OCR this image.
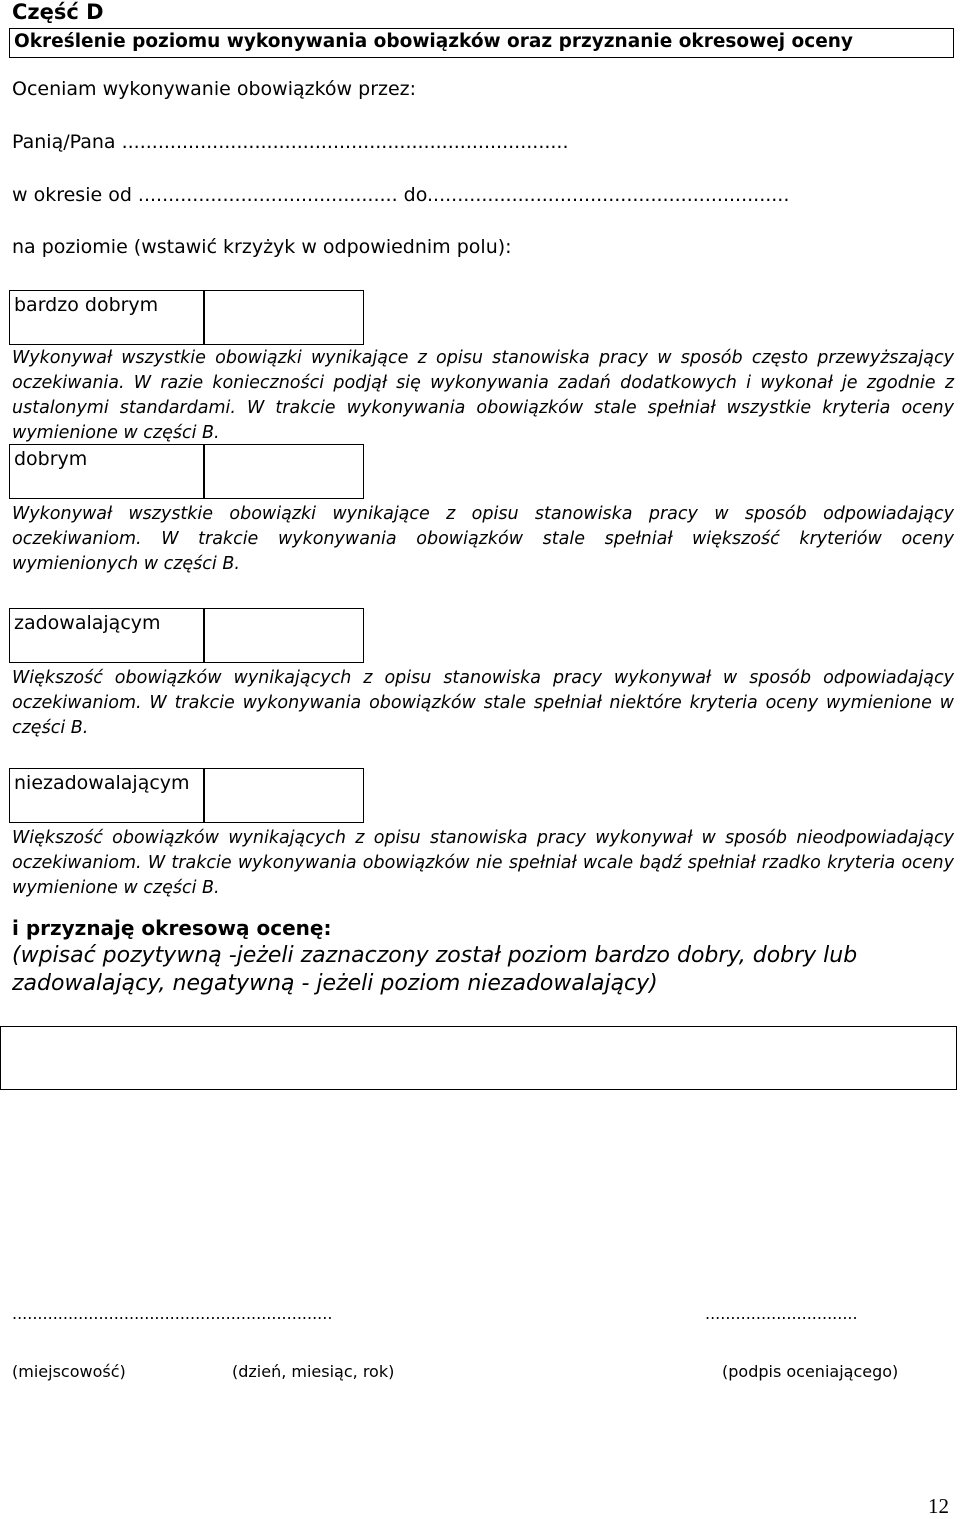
Część D
Określenie poziomu wykonywania obowiązków oraz przyznanie okresowej oceny
Oceniam wykonywanie obowiązków przez:
Panią/Pana ..........................................................................
w okresie od ........................................... do............................................................
na poziomie (wstawić krzyżyk w odpowiednim polu):
bardzo dobrym
Wykonywał wszystkie obowiązki wynikające z opisu stanowiska pracy w sposób często przewyższający oczekiwania. W razie konieczności podjął się wykonywania zadań dodatkowych i wykonał je zgodnie z ustalonymi standardami. W trakcie wykonywania obowiązków stale spełniał wszystkie kryteria oceny wymienione w części B.
dobrym
Wykonywał wszystkie obowiązki wynikające z opisu stanowiska pracy w sposób odpowiadający oczekiwaniom. W trakcie wykonywania obowiązków stale spełniał większość kryteriów oceny wymienionych w części B.
zadowalającym
Większość obowiązków wynikających z opisu stanowiska pracy wykonywał w sposób odpowiadający oczekiwaniom. W trakcie wykonywania obowiązków stale spełniał niektóre kryteria oceny wymienione w części B.
niezadowalającym
Większość obowiązków wynikających z opisu stanowiska pracy wykonywał w sposób nieodpowiadający oczekiwaniom. W trakcie wykonywania obowiązków nie spełniał wcale bądź spełniał rzadko kryteria oceny wymienione w części B.
i przyznaję okresową ocenę:
(wpisać pozytywną -jeżeli zaznaczony został poziom bardzo dobry, dobry lub zadowalający, negatywną - jeżeli poziom niezadowalający)
...............................................................	..............................
(miejscowość)	(dzień, miesiąc, rok)	(podpis oceniającego)
12
